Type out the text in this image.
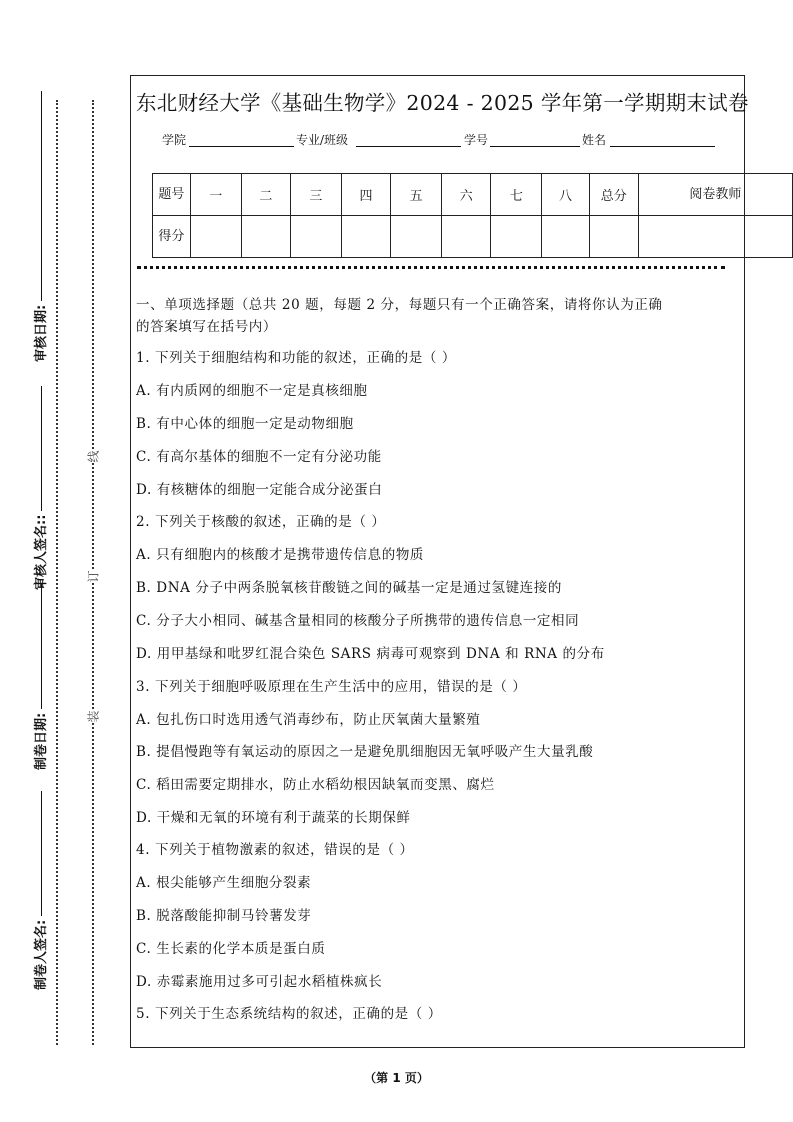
制卷人签名:
制卷日期:
审核人签名::
审核日期:
装
订
线
东北财经大学《基础生物学》2024 - 2025 学年第一学期期末试卷
学院	专业/班级	学号	姓名
题号	一	二	三	四	五	六	七	八	总分	阅卷教师
得分										
一、单项选择题（总共 20 题，每题 2 分，每题只有一个正确答案，请将你认为正确
的答案填写在括号内）
1. 下列关于细胞结构和功能的叙述，正确的是（ ）
A. 有内质网的细胞不一定是真核细胞
B. 有中心体的细胞一定是动物细胞
C. 有高尔基体的细胞不一定有分泌功能
D. 有核糖体的细胞一定能合成分泌蛋白
2. 下列关于核酸的叙述，正确的是（ ）
A. 只有细胞内的核酸才是携带遗传信息的物质
B. DNA 分子中两条脱氧核苷酸链之间的碱基一定是通过氢键连接的
C. 分子大小相同、碱基含量相同的核酸分子所携带的遗传信息一定相同
D. 用甲基绿和吡罗红混合染色 SARS 病毒可观察到 DNA 和 RNA 的分布
3. 下列关于细胞呼吸原理在生产生活中的应用，错误的是（ ）
A. 包扎伤口时选用透气消毒纱布，防止厌氧菌大量繁殖
B. 提倡慢跑等有氧运动的原因之一是避免肌细胞因无氧呼吸产生大量乳酸
C. 稻田需要定期排水，防止水稻幼根因缺氧而变黑、腐烂
D. 干燥和无氧的环境有利于蔬菜的长期保鲜
4. 下列关于植物激素的叙述，错误的是（ ）
A. 根尖能够产生细胞分裂素
B. 脱落酸能抑制马铃薯发芽
C. 生长素的化学本质是蛋白质
D. 赤霉素施用过多可引起水稻植株疯长
5. 下列关于生态系统结构的叙述，正确的是（ ）
（第 1 页）
